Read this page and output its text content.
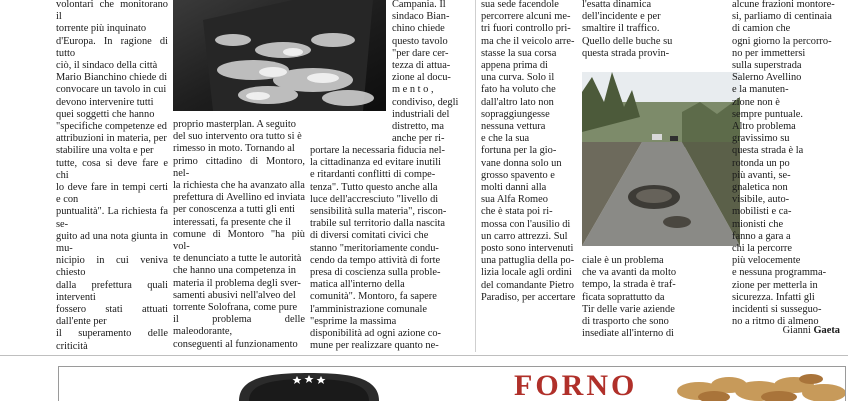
volontari che monitorano il
torrente più inquinato
d'Europa. In ragione di tutto
ciò, il sindaco della città
Mario Bianchino chiede di
convocare un tavolo in cui
devono intervenire tutti
quei soggetti che hanno
"specifiche competenze ed
attribuzioni in materia, per
stabilire una volta e per
tutte, cosa si deve fare e chi
lo deve fare in tempi certi e con
puntualità". La richiesta fa se-
guito ad una nota giunta in mu-
nicipio in cui veniva chiesto
dalla prefettura quali interventi
fossero stati attuati dall'ente per
il superamento delle criticità

proprio masterplan. A seguito
del suo intervento ora tutto si è
rimesso in moto. Tornando al
primo cittadino di Montoro, nel-
la richiesta che ha avanzato alla
prefettura di Avellino ed inviata
per conoscenza a tutti gli enti
interessati, fa presente che il
comune di Montoro "ha più vol-
te denunciato a tutte le autorità
che hanno una competenza in
materia il problema degli sver-
samenti abusivi nell'alveo del
torrente Solofrana, come pure
il problema delle maleodorante,
conseguenti al funzionamento

Campania. Il
sindaco Bian-
chino chiede
questo tavolo
"per dare cer-
tezza di attua-
zione al docu-
m e n t o ,
condiviso, degli
industriali del
distretto, ma
anche per ri-

portare la necessaria fiducia nel-
la cittadinanza ed evitare inutili
e ritardanti conflitti di compe-
tenza". Tutto questo anche alla
luce dell'accresciuto "livello di
sensibilità sulla materia", riscon-
trabile sul territorio dalla nascita
di diversi comitati civici che
stanno "meritoriamente condu-
cendo da tempo attività di forte
presa di coscienza sulla proble-
matica all'interno della
comunità". Montoro, fa sapere
l'amministrazione comunale
"esprime la massima
disponibilità ad ogni azione co-
mune per realizzare quanto ne-

sua sede facendole
percorrere alcuni me-
tri fuori controllo pri-
ma che il veicolo arre-
stasse la sua corsa
appena prima di
una curva. Solo il
fato ha voluto che
dall'altro lato non
sopraggiungesse
nessuna vettura
e che la sua
fortuna per la gio-
vane donna solo un
grosso spavento e
molti danni alla
sua Alfa Romeo
che è stata poi ri-
mossa con l'ausilio di
un carro attrezzi. Sul
posto sono intervenuti
una pattuglia della po-
lizia locale agli ordini
del comandante Pietro
Paradiso, per accertare

l'esatta dinamica
dell'incidente e per
smaltire il traffico.
Quello delle buche su
questa strada provin-

ciale è un problema
che va avanti da molto
tempo, la strada è traf-
ficata soprattutto da
Tir delle varie aziende
di trasporto che sono
insediate all'interno di

alcune frazioni montore-
si, parliamo di centinaia
di camion che
ogni giorno la percorro-
no per immettersi
sulla superstrada
Salerno Avellino
e la manuten-
zione non è
sempre puntuale.
Altro problema
gravissimo su
questa strada è la
rotonda un po
più avanti, se-
gnaletica non
visibile, auto-
mobilisti e ca-
mionisti che
fanno a gara a
chi la percorre
più velocemente
e nessuna programma-
zione per metterla in
sicurezza. Infatti gli
incidenti si susseguo-
no a ritmo di almeno

Gianni Gaeta
FORNO
